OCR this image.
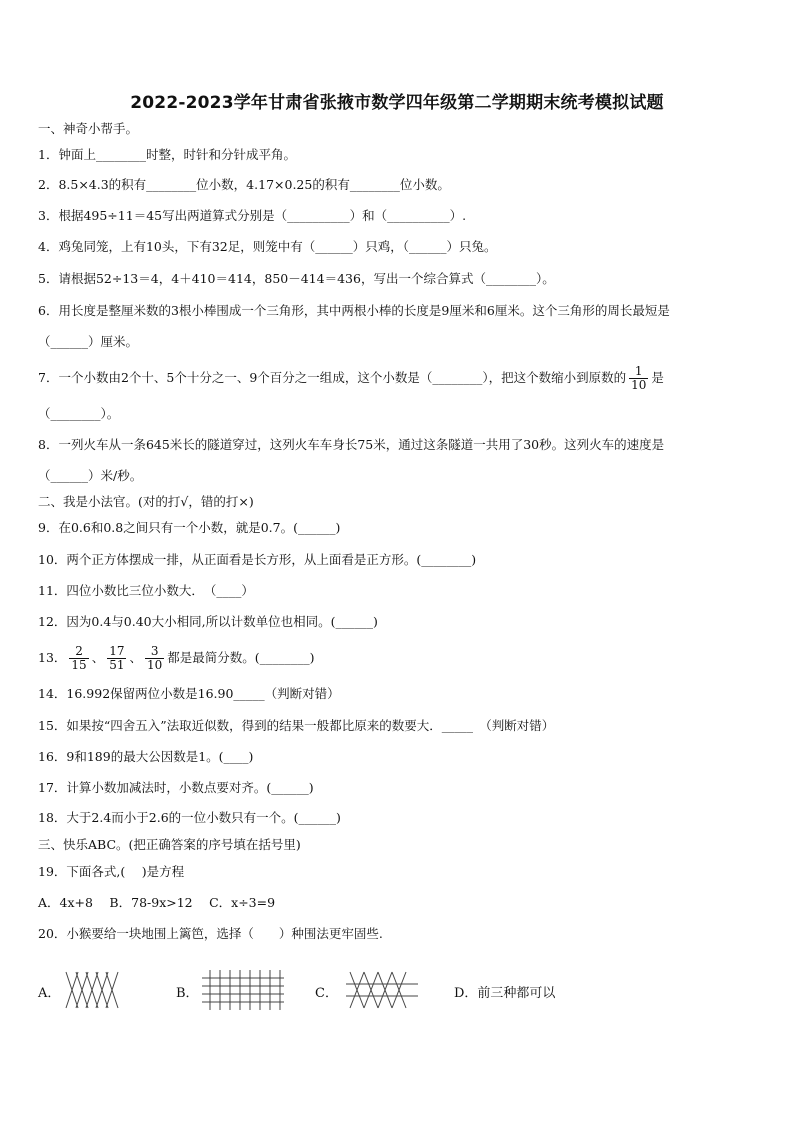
2022-2023学年甘肃省张掖市数学四年级第二学期期末统考模拟试题
一、神奇小帮手。
1．钟面上________时整，时针和分针成平角。
2．8.5×4.3的积有________位小数，4.17×0.25的积有________位小数。
3．根据495÷11＝45写出两道算式分别是（__________）和（__________）.
4．鸡兔同笼，上有10头，下有32足，则笼中有（______）只鸡，（______）只兔。
5．请根据52÷13＝4，4＋410＝414，850－414＝436，写出一个综合算式（________）。
6．用长度是整厘米数的3根小棒围成一个三角形，其中两根小棒的长度是9厘米和6厘米。这个三角形的周长最短是
（______）厘米。
7．一个小数由2个十、5个十分之一、9个百分之一组成，这个小数是（________），把这个数缩小到原数的 $\frac{1}{10}$ 是
（________）。
8．一列火车从一条645米长的隧道穿过，这列火车车身长75米，通过这条隧道一共用了30秒。这列火车的速度是
（______）米/秒。
二、我是小法官。(对的打√，错的打×)
9．在0.6和0.8之间只有一个小数，就是0.7。(______)
10．两个正方体摆成一排，从正面看是长方形，从上面看是正方形。(________)
11．四位小数比三位小数大．　（____）
12．因为0.4与0.40大小相同,所以计数单位也相同。(______)
13． $\frac{2}{15}$ 、 $\frac{17}{51}$ 、 $\frac{3}{10}$ 都是最简分数。(________)
14．16.992保留两位小数是16.90_____（判断对错）
15．如果按“四舍五入”法取近似数，得到的结果一般都比原来的数要大．_____　（判断对错）
16．9和189的最大公因数是1。(____)
17．计算小数加减法时，小数点要对齐。(______)
18．大于2.4而小于2.6的一位小数只有一个。(______)
三、快乐ABC。(把正确答案的序号填在括号里)
19．下面各式,(　 )是方程
A．4x+8　 B．78-9x>12　 C．x÷3=9
20．小猴要给一块地围上篱笆，选择（　　）种围法更牢固些.
A．	B．	C．	D．前三种都可以
